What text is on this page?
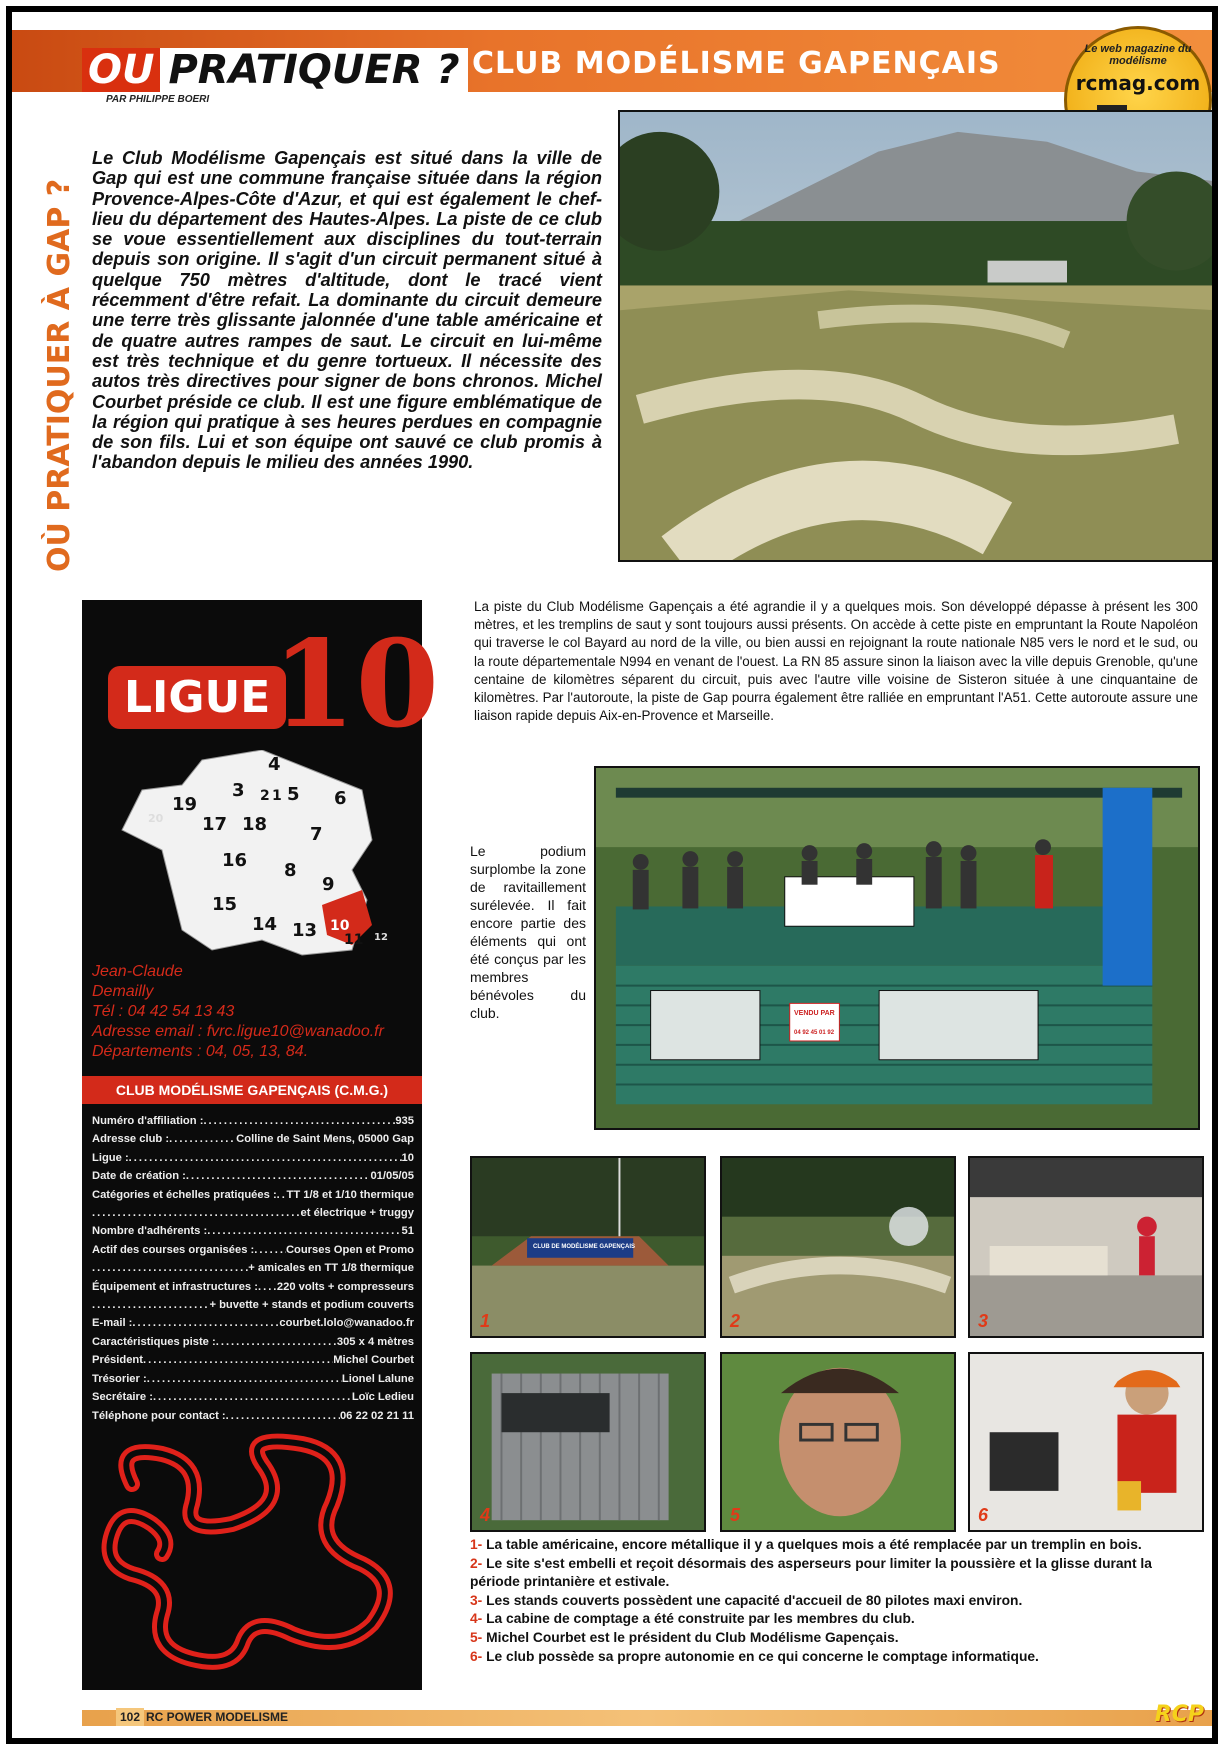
OU PRATIQUER ?
PAR PHILIPPE BOERI
CLUB MODÉLISME GAPENÇAIS	Le web magazine du modélisme
rcmag.com
OÙ PRATIQUER À GAP ?
Le Club Modélisme Gapençais est situé dans la ville de Gap qui est une commune française située dans la région Provence-Alpes-Côte d'Azur, et qui est également le chef-lieu du département des Hautes-Alpes. La piste de ce club se voue essentiellement aux disciplines du tout-terrain depuis son origine. Il s'agit d'un circuit permanent situé à quelque 750 mètres d'altitude, dont le tracé vient récemment d'être refait. La dominante du circuit demeure une terre très glissante jalonnée d'une table américaine et de quatre autres rampes de saut. Le circuit en lui-même est très technique et du genre tortueux. Il nécessite des autos très directives pour signer de bons chronos. Michel Courbet préside ce club. Il est une figure emblématique de la région qui pratique à ses heures perdues en compagnie de son fils. Lui et son équipe ont sauvé ce club promis à l'abandon depuis le milieu des années 1990.
LIGUE 10
4
3 2 1 5 6
19
20 17 18 7
16 8
9
15
14 13 10
11 12
Jean-Claude
Demailly
Tél : 04 42 54 13 43
Adresse email : fvrc.ligue10@wanadoo.fr
Départements : 04, 05, 13, 84.
CLUB MODÉLISME GAPENÇAIS (C.M.G.)
Numéro d'affiliation : .....	935
Adresse club : .....	Colline de Saint Mens, 05000 Gap
Ligue : .....	10
Date de création : .....	01/05/05
Catégories et échelles pratiquées : ..... TT 1/8 et 1/10 thermique
.....
et électrique + truggy
Nombre d'adhérents : .....	51
Actif des courses organisées : .....	Courses Open et Promo
.....
+ amicales en TT 1/8 thermique
Équipement et infrastructures : ..... 220 volts + compresseurs
.....
+ buvette + stands et podium couverts
E-mail : .....	courbet.lolo@wanadoo.fr
Caractéristiques piste : .....	305 x 4 mètres
Président .....	Michel Courbet
Trésorier : .....	Lionel Lalune
Secrétaire : .....	Loïc Ledieu
Téléphone pour contact : .....	06 22 02 21 11
La piste du Club Modélisme Gapençais a été agrandie il y a quelques mois. Son développé dépasse à présent les 300 mètres, et les tremplins de saut y sont toujours aussi présents. On accède à cette piste en empruntant la Route Napoléon qui traverse le col Bayard au nord de la ville, ou bien aussi en rejoignant la route nationale N85 vers le nord et le sud, ou la route départementale N994 en venant de l'ouest. La RN 85 assure sinon la liaison avec la ville depuis Grenoble, qu'une centaine de kilomètres séparent du circuit, puis avec l'autre ville voisine de Sisteron située à une cinquantaine de kilomètres. Par l'autoroute, la piste de Gap pourra également être ralliée en empruntant l'A51. Cette autoroute assure une liaison rapide depuis Aix-en-Provence et Marseille.
VENDU PAR
04 92 45 01 92
Le podium surplombe la zone de ravitaillement surélevée. Il fait encore partie des éléments qui ont été conçus par les membres bénévoles du club.
CLUB DE MODÉLISME GAPENÇAIS
1	2	3
4	5	6
1- La table américaine, encore métallique il y a quelques mois a été remplacée par un tremplin en bois.
2- Le site s'est embelli et reçoit désormais des asperseurs pour limiter la poussière et la glisse durant la période printanière et estivale.
3- Les stands couverts possèdent une capacité d'accueil de 80 pilotes maxi environ.
4- La cabine de comptage a été construite par les membres du club.
5- Michel Courbet est le président du Club Modélisme Gapençais.
6- Le club possède sa propre autonomie en ce qui concerne le comptage informatique.
102 RC POWER MODELISME	RCP
